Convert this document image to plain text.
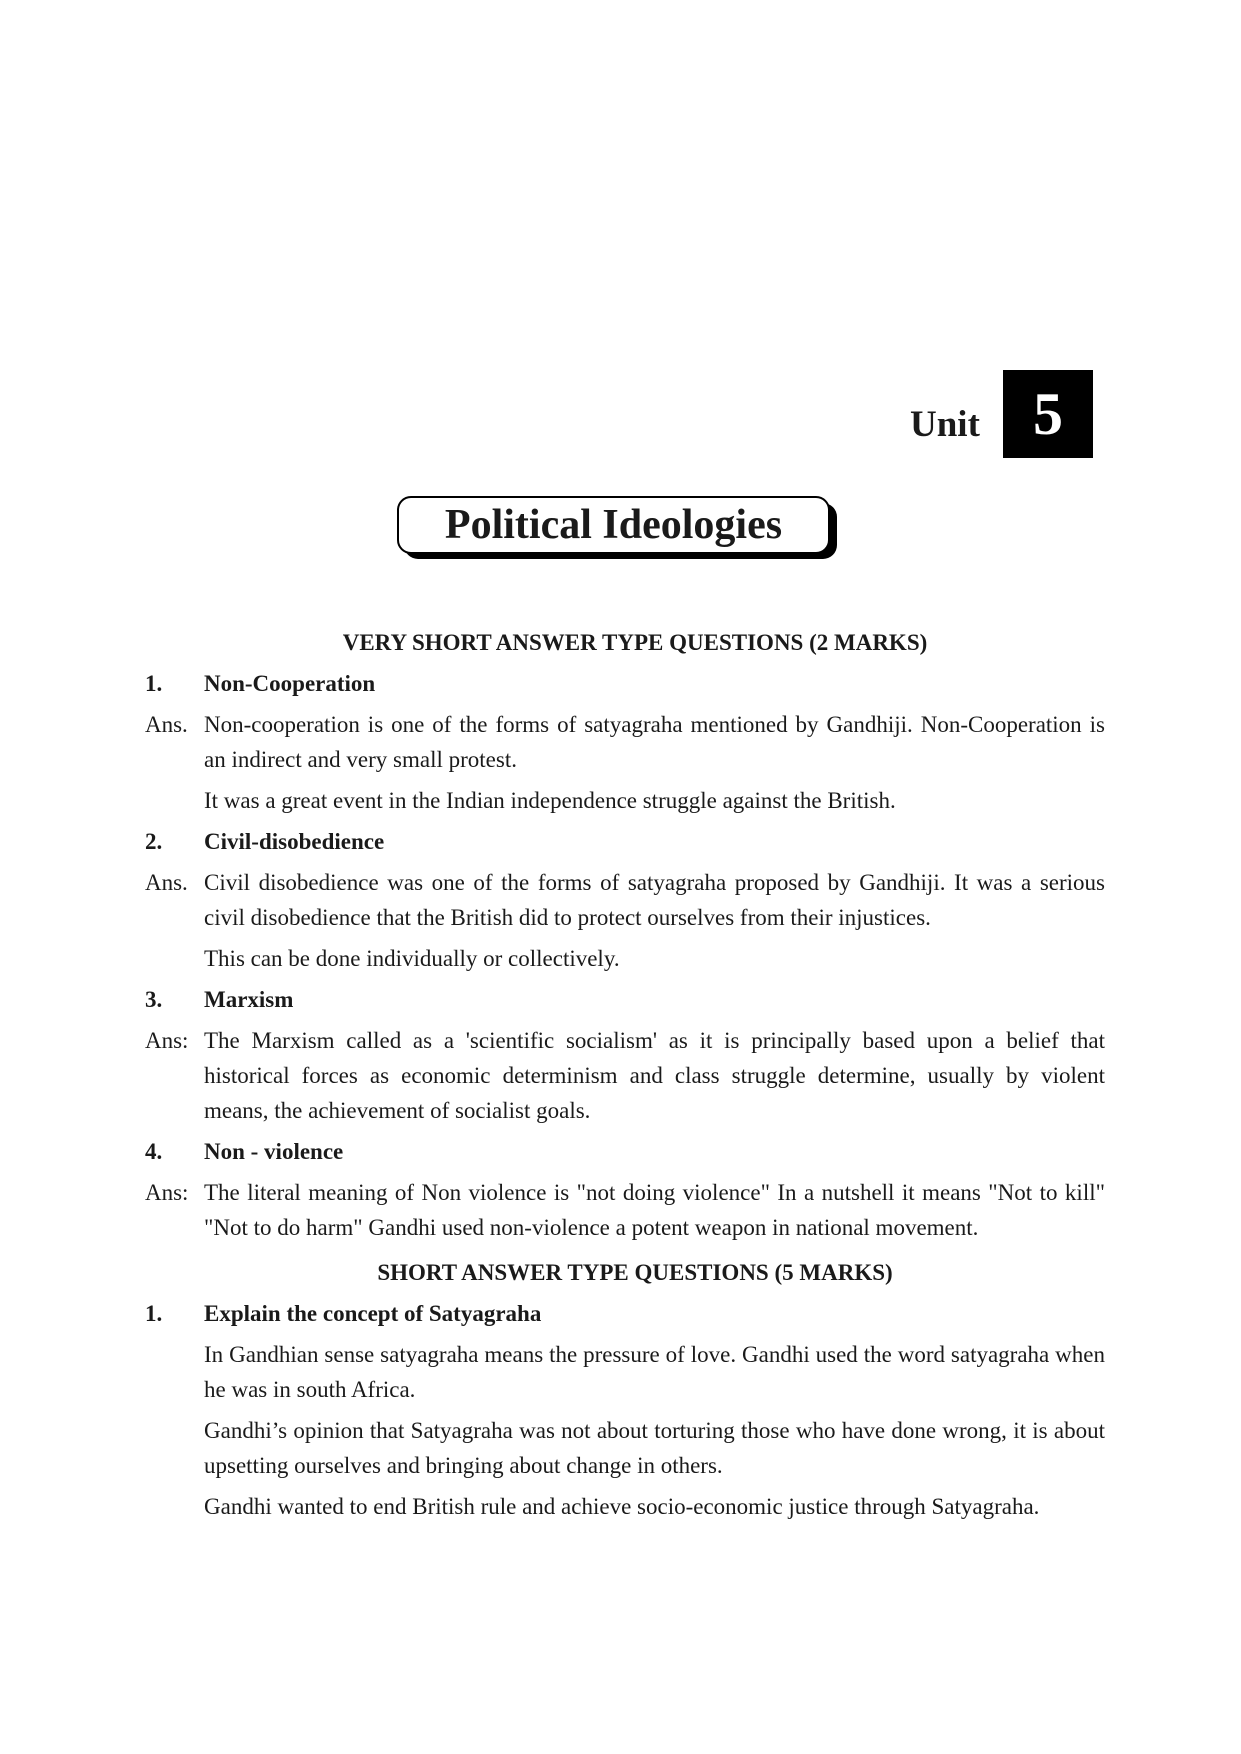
Unit 5
Political Ideologies
VERY SHORT ANSWER TYPE QUESTIONS (2 MARKS)
1.	Non-Cooperation
Ans. Non-cooperation is one of the forms of satyagraha mentioned by Gandhiji. Non-Cooperation is an indirect and very small protest.
It was a great event in the Indian independence struggle against the British.
2.	Civil-disobedience
Ans. Civil disobedience was one of the forms of satyagraha proposed by Gandhiji. It was a serious civil disobedience that the British did to protect ourselves from their injustices.
This can be done individually or collectively.
3.	Marxism
Ans: The Marxism called as a 'scientific socialism' as it is principally based upon a belief that historical forces as economic determinism and class struggle determine, usually by violent means, the achievement of socialist goals.
4.	Non - violence
Ans: The literal meaning of Non violence is "not doing violence" In a nutshell it means "Not to kill" "Not to do harm" Gandhi used non-violence a potent weapon in national movement.
SHORT ANSWER TYPE QUESTIONS (5 MARKS)
1.	Explain the concept of Satyagraha
In Gandhian sense satyagraha means the pressure of love. Gandhi used the word satyagraha when he was in south Africa.
Gandhi’s opinion that Satyagraha was not about torturing those who have done wrong, it is about upsetting ourselves and bringing about change in others.
Gandhi wanted to end British rule and achieve socio-economic justice through Satyagraha.
